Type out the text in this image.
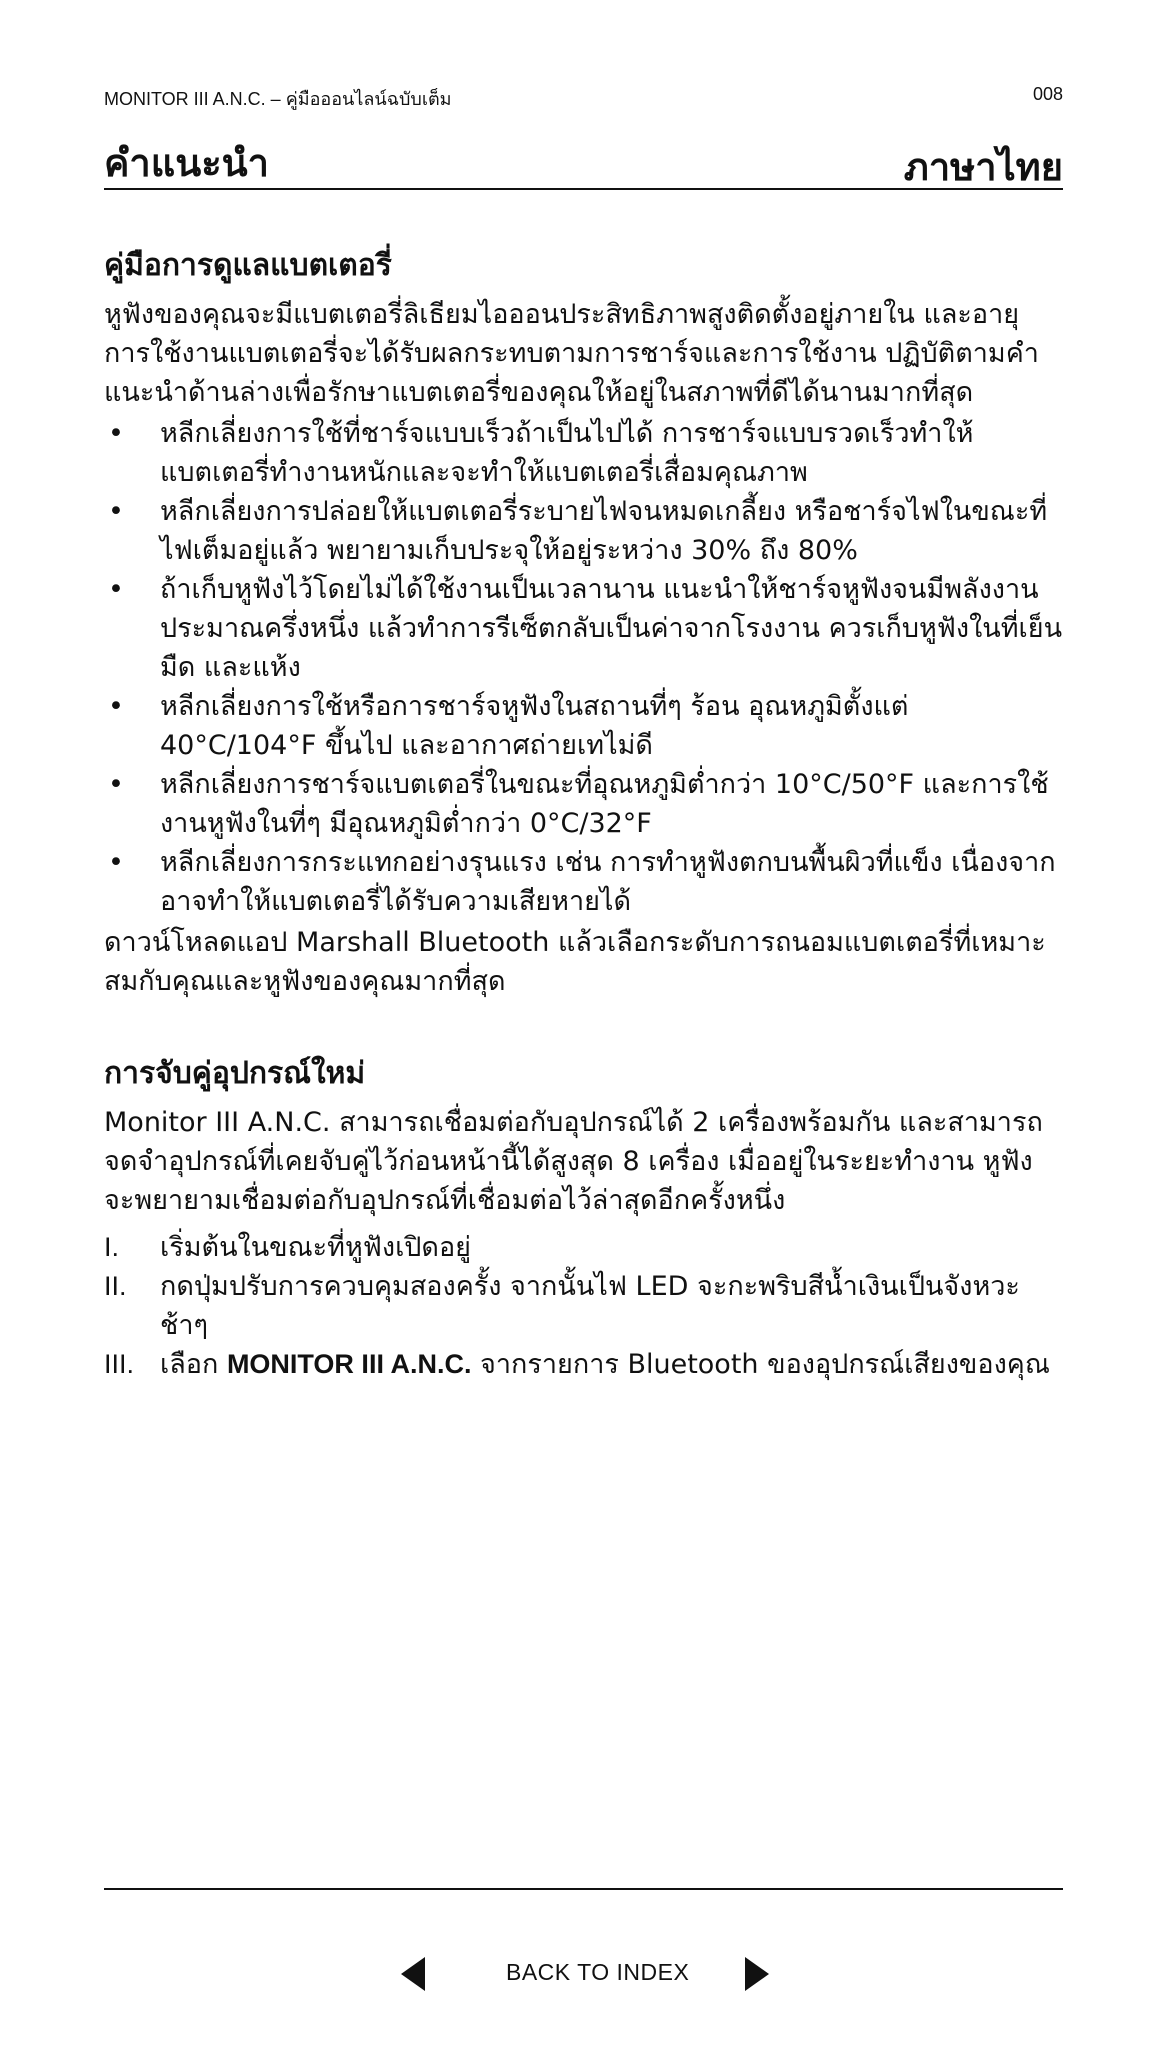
MONITOR III A.N.C. – คู่มือออนไลน์ฉบับเต็ม	008
คำแนะนำ	ภาษาไทย
คู่มือการดูแลแบตเตอรี่

หูฟังของคุณจะมีแบตเตอรี่ลิเธียมไอออนประสิทธิภาพสูงติดตั้งอยู่ภายใน และอายุการใช้งานแบตเตอรี่จะได้รับผลกระทบตามการชาร์จและการใช้งาน ปฏิบัติตามคำแนะนำด้านล่างเพื่อรักษาแบตเตอรี่ของคุณให้อยู่ในสภาพที่ดีได้นานมากที่สุด

• หลีกเลี่ยงการใช้ที่ชาร์จแบบเร็วถ้าเป็นไปได้ การชาร์จแบบรวดเร็วทำให้แบตเตอรี่ทำงานหนักและจะทำให้แบตเตอรี่เสื่อมคุณภาพ
• หลีกเลี่ยงการปล่อยให้แบตเตอรี่ระบายไฟจนหมดเกลี้ยง หรือชาร์จไฟในขณะที่ไฟเต็มอยู่แล้ว พยายามเก็บประจุให้อยู่ระหว่าง 30% ถึง 80%
• ถ้าเก็บหูฟังไว้โดยไม่ได้ใช้งานเป็นเวลานาน แนะนำให้ชาร์จหูฟังจนมีพลังงานประมาณครึ่งหนึ่ง แล้วทำการรีเซ็ตกลับเป็นค่าจากโรงงาน ควรเก็บหูฟังในที่เย็น มืด และแห้ง
• หลีกเลี่ยงการใช้หรือการชาร์จหูฟังในสถานที่ๆ ร้อน อุณหภูมิตั้งแต่ 40°C/104°F ขึ้นไป และอากาศถ่ายเทไม่ดี
• หลีกเลี่ยงการชาร์จแบตเตอรี่ในขณะที่อุณหภูมิต่ำกว่า 10°C/50°F และการใช้งานหูฟังในที่ๆ มีอุณหภูมิต่ำกว่า 0°C/32°F
• หลีกเลี่ยงการกระแทกอย่างรุนแรง เช่น การทำหูฟังตกบนพื้นผิวที่แข็ง เนื่องจากอาจทำให้แบตเตอรี่ได้รับความเสียหายได้

ดาวน์โหลดแอป Marshall Bluetooth แล้วเลือกระดับการถนอมแบตเตอรี่ที่เหมาะสมกับคุณและหูฟังของคุณมากที่สุด

การจับคู่อุปกรณ์ใหม่

Monitor III A.N.C. สามารถเชื่อมต่อกับอุปกรณ์ได้ 2 เครื่องพร้อมกัน และสามารถจดจำอุปกรณ์ที่เคยจับคู่ไว้ก่อนหน้านี้ได้สูงสุด 8 เครื่อง เมื่ออยู่ในระยะทำงาน หูฟังจะพยายามเชื่อมต่อกับอุปกรณ์ที่เชื่อมต่อไว้ล่าสุดอีกครั้งหนึ่ง

I. เริ่มต้นในขณะที่หูฟังเปิดอยู่
II. กดปุ่มปรับการควบคุมสองครั้ง จากนั้นไฟ LED จะกะพริบสีน้ำเงินเป็นจังหวะช้าๆ
III. เลือก MONITOR III A.N.C. จากรายการ Bluetooth ของอุปกรณ์เสียงของคุณ
BACK TO INDEX
